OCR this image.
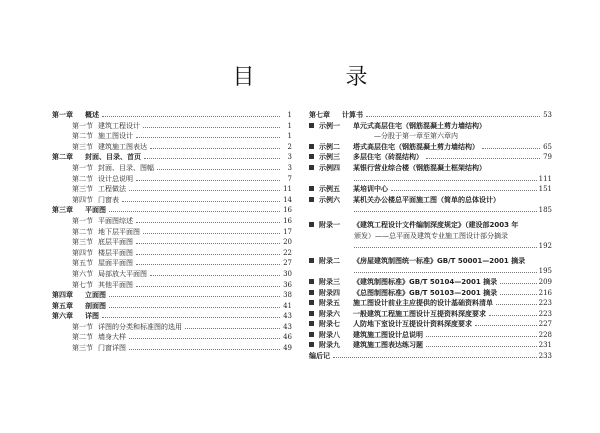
目 录
第一章	概述	1
第一节 建筑工程设计	1
第二节 施工图设计	1
第三节 建筑施工图表达	2
第二章	封面、目录、首页	3
第一节 封面、目录、图幅	3
第二节 设计总说明	7
第三节 工程做法	11
第四节 门窗表	14
第三章	平面图	16
第一节 平面图综述	16
第二节 地下层平面图	17
第三节 底层平面图	20
第四节 楼层平面图	22
第五节 屋面平面图	27
第六节 局部放大平面图	30
第七节 其他平面图	36
第四章	立面图	38
第五章	剖面图	41
第六章	详图	43
第一节 详图的分类和标准图的选用	43
第二节 墙身大样	46
第三节 门窗详图	49
第七章	计算书	53
示例一	单元式高层住宅（钢筋混凝土剪力墙结构）
—分股于第一章至第六章内
示例二	塔式高层住宅（钢筋混凝土剪力墙结构）	65
示例三	多层住宅（砖混结构）	79
示例四	某银行营业综合楼（钢筋混凝土框架结构）
111
示例五	某培训中心	151
示例六	某机关办公楼总平面施工图（简单的总体设计）
185
附录一	《建筑工程设计文件编制深度规定》（建设部2003 年
颁发）——总平面及建筑专业施工图设计部分摘录
192
附录二	《房屋建筑制图统一标准》GB/T 50001—2001 摘录
195
附录三	《建筑制图标准》GB/T 50104—2001 摘录	209
附录四	《总图制图标准》GB/T 50103—2001 摘录	216
附录五	施工图设计前业主应提供的设计基础资料清单	223
附录六	一般建筑工程施工图设计互提资料深度要求	223
附录七	人防地下室设计互提设计资料深度要求	227
附录八	建筑施工图设计总说明	228
附录九	建筑施工图表达练习题	231
编后记	233
